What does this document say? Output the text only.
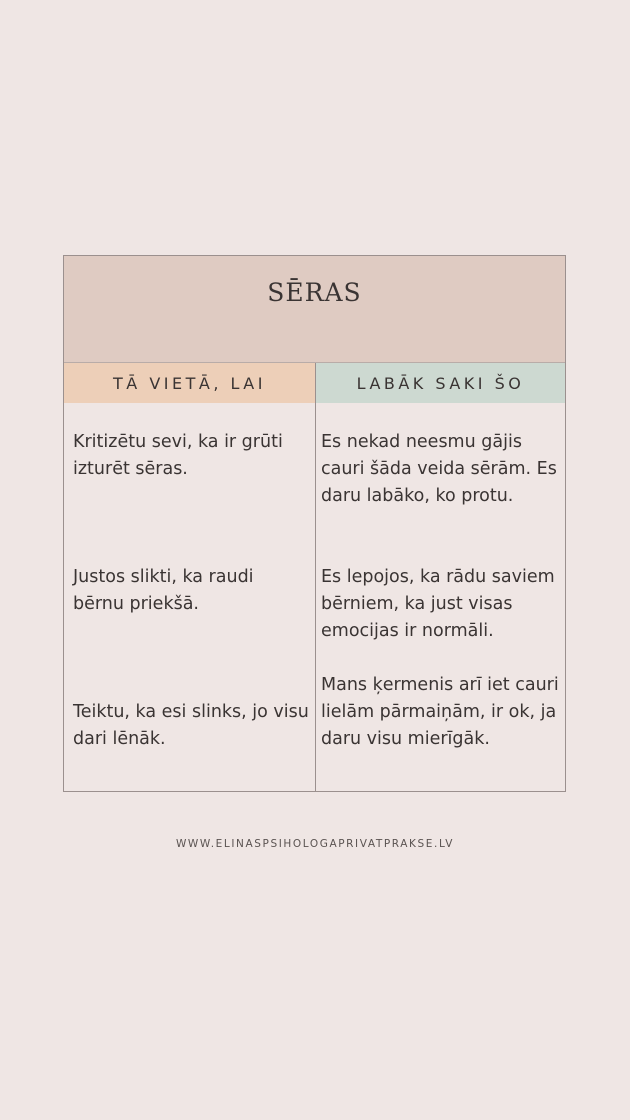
SĒRAS
TĀ VIETĀ, LAI	LABĀK SAKI ŠO
Kritizētu sevi, ka ir grūti izturēt sēras.
Es nekad neesmu gājis cauri šāda veida sērām. Es daru labāko, ko protu.
Justos slikti, ka raudi bērnu priekšā.
Es lepojos, ka rādu saviem bērniem, ka just visas emocijas ir normāli.
Teiktu, ka esi slinks, jo visu dari lēnāk.
Mans ķermenis arī iet cauri lielām pārmaiņām, ir ok, ja daru visu mierīgāk.
WWW.ELINASPSIHOLOGAPRIVATPRAKSE.LV
